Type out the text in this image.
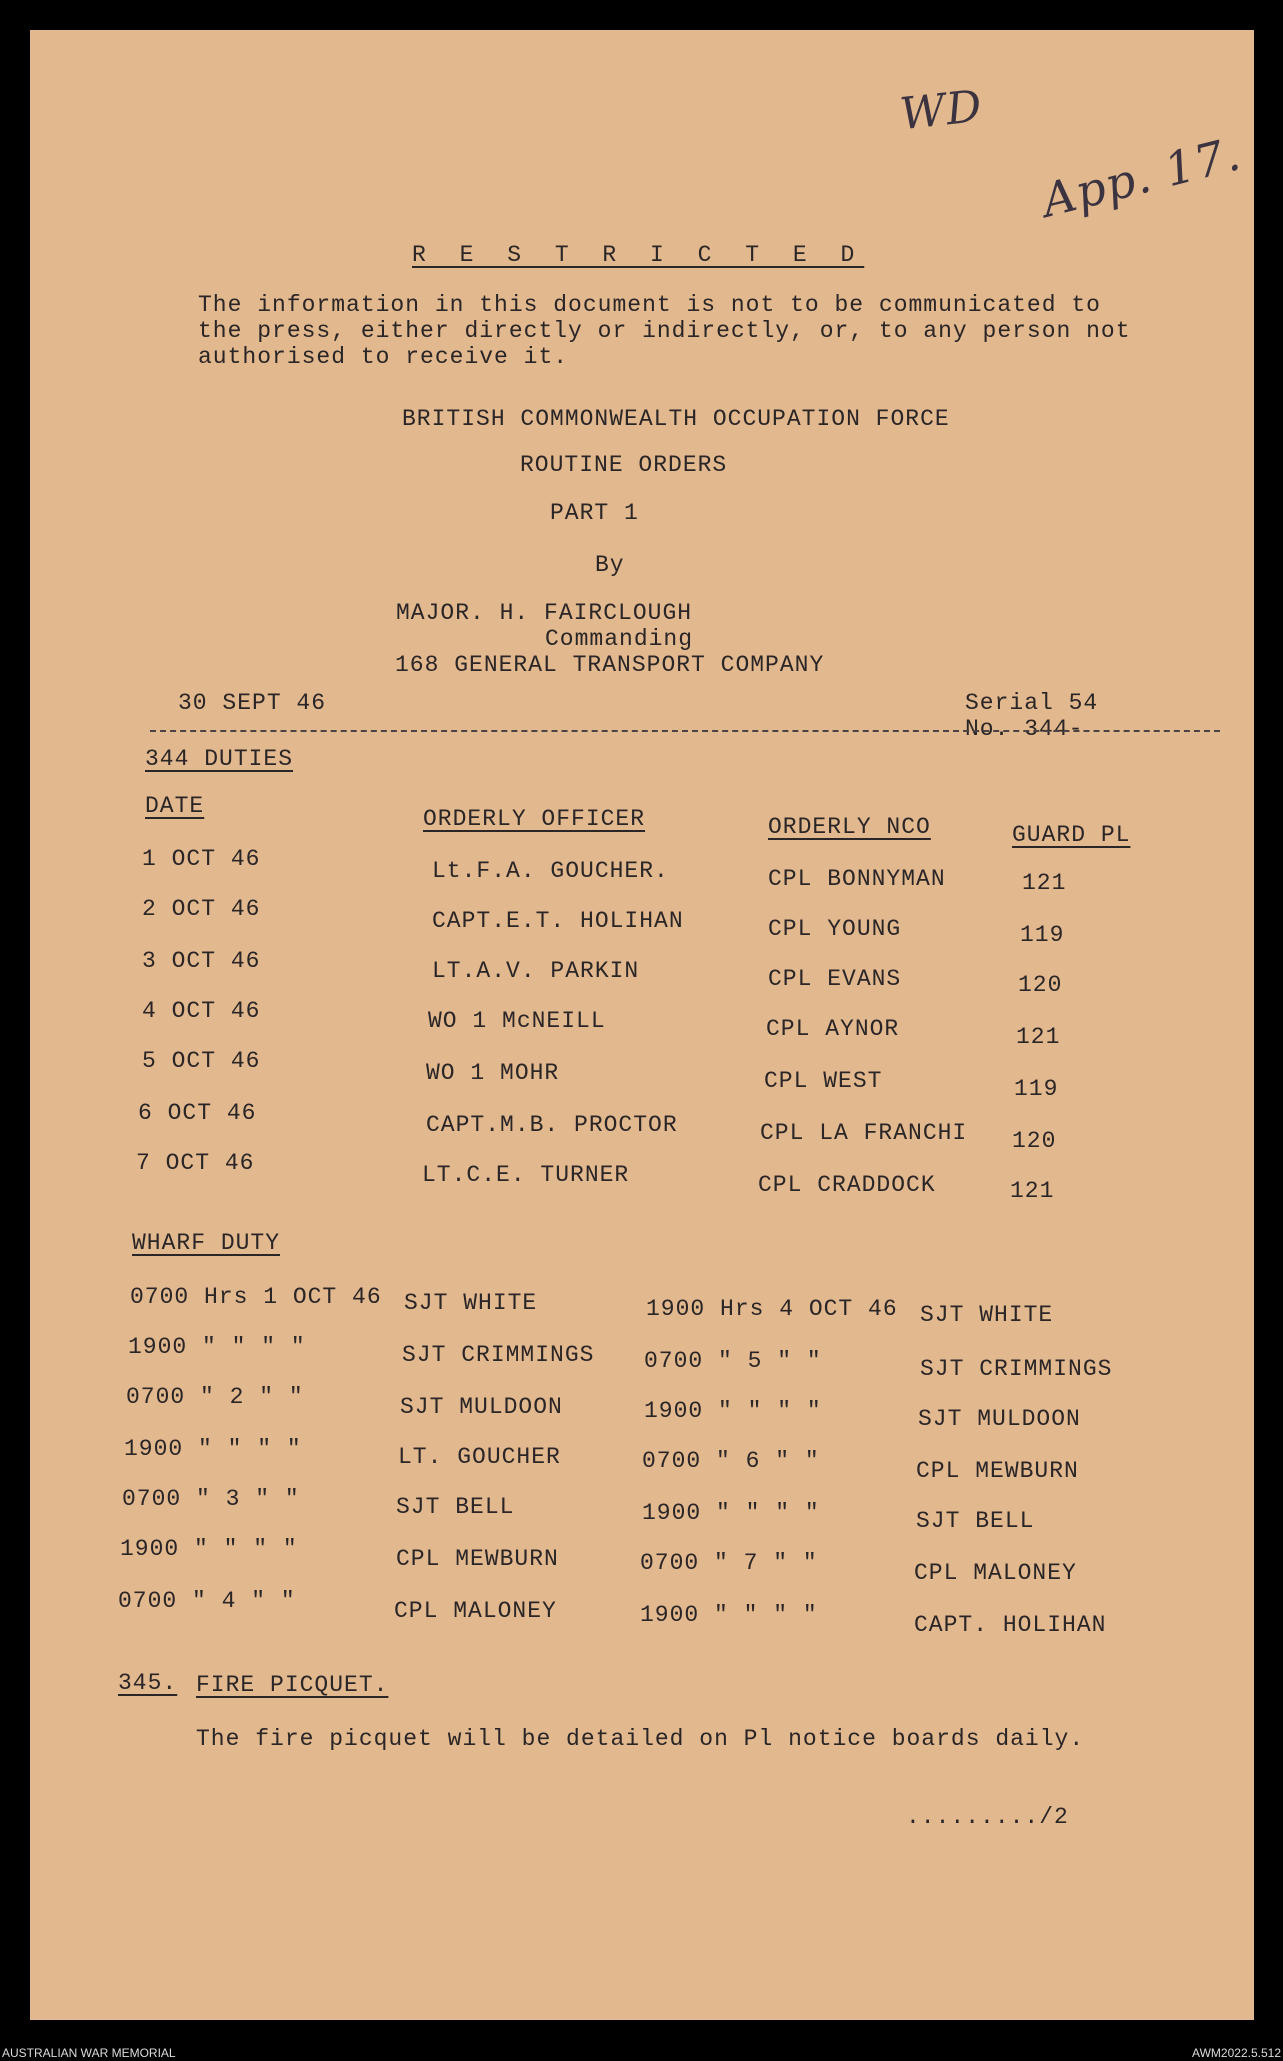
WD
App. 17.
R E S T R I C T E D
The information in this document is not to be communicated to
the press, either directly or indirectly, or, to any person not
authorised to receive it.
BRITISH COMMONWEALTH OCCUPATION FORCE
ROUTINE ORDERS
PART 1
By
MAJOR. H. FAIRCLOUGH
Commanding
168 GENERAL TRANSPORT COMPANY
30 SEPT 46	Serial 54
No. 344-
344 DUTIES
DATE	ORDERLY OFFICER	ORDERLY NCO	GUARD PL
1 OCT 46	Lt.F.A. GOUCHER.	CPL BONNYMAN	121
2 OCT 46	CAPT.E.T. HOLIHAN	CPL YOUNG	119
3 OCT 46	LT.A.V. PARKIN	CPL EVANS	120
4 OCT 46	WO 1 McNEILL	CPL AYNOR	121
5 OCT 46	WO 1 MOHR	CPL WEST	119
6 OCT 46	CAPT.M.B. PROCTOR	CPL LA FRANCHI 120
7 OCT 46	LT.C.E. TURNER	CPL CRADDOCK	121
WHARF DUTY
0700 Hrs 1 OCT 46 SJT WHITE
1900 " " " "	SJT CRIMMINGS
0700 " 2 " "	SJT MULDOON
1900 " " " "	LT. GOUCHER
0700 " 3 " "	SJT BELL
1900 " " " "	CPL MEWBURN
0700 " 4 " "	CPL MALONEY
1900 Hrs 4 OCT 46 SJT WHITE
0700 " 5 " "	SJT CRIMMINGS
1900 " " " "	SJT MULDOON
0700 " 6 " "	CPL MEWBURN
1900 " " " "	SJT BELL
0700 " 7 " "	CPL MALONEY
1900 " " " "	CAPT. HOLIHAN
345. FIRE PICQUET.
The fire picquet will be detailed on Pl notice boards daily.
........./2
AUSTRALIAN WAR MEMORIAL	AWM2022.5.512
